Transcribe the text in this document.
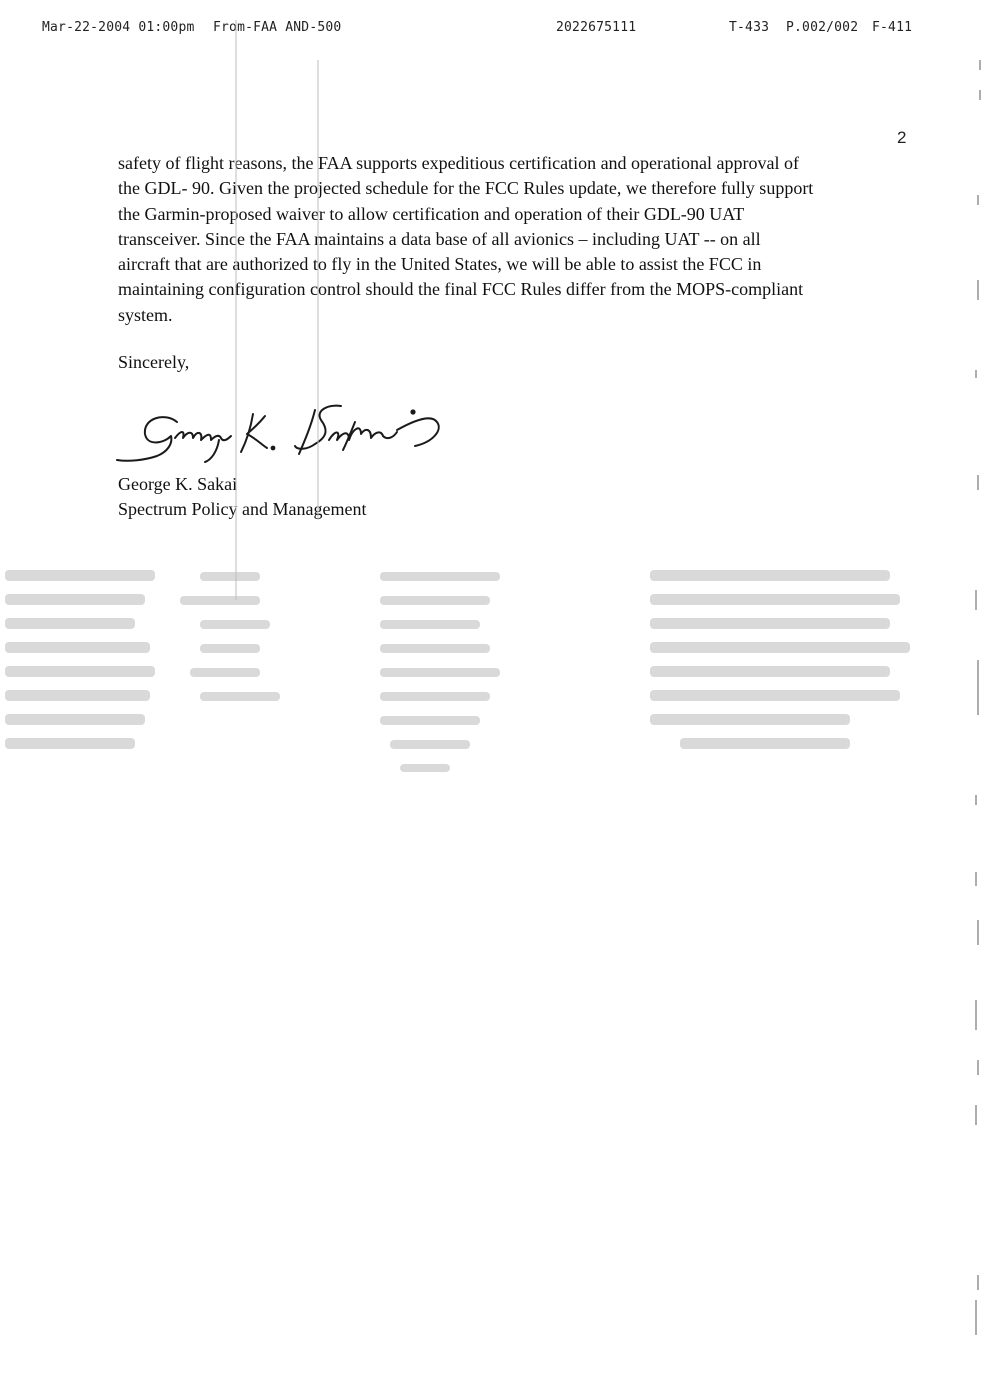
Mar-22-2004 01:00pm From-FAA AND-500	2022675111	T-433 P.002/002 F-411
2

safety of flight reasons, the FAA supports expeditious certification and operational approval of
the GDL- 90. Given the projected schedule for the FCC Rules update, we therefore fully support
the Garmin-proposed waiver to allow certification and operation of their GDL-90 UAT
transceiver. Since the FAA maintains a data base of all avionics – including UAT -- on all
aircraft that are authorized to fly in the United States, we will be able to assist the FCC in
maintaining configuration control should the final FCC Rules differ from the MOPS-compliant
system.

Sincerely,
George K. Sakai
Spectrum Policy and Management
